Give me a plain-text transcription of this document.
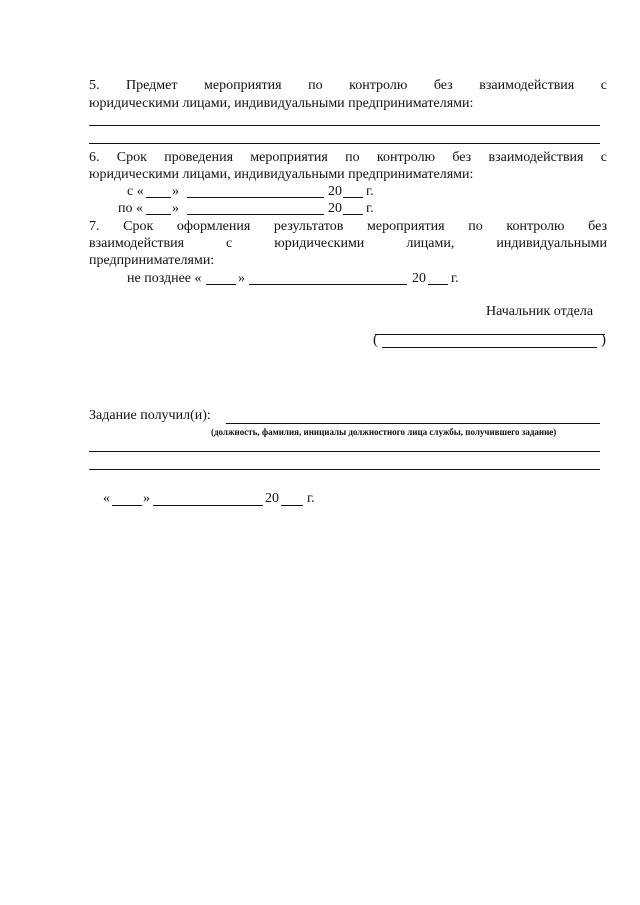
5. Предмет мероприятия по контролю без взаимодействия с
юридическими лицами, индивидуальными предпринимателями:
6. Срок проведения мероприятия по контролю без взаимодействия с
юридическими лицами, индивидуальными предпринимателями:
с « »	20 г.
по « »	20 г.
7. Срок оформления результатов мероприятия по контролю без
взаимодействия с юридическими лицами, индивидуальными
предпринимателями:
не позднее «	»	20 г.
Начальник отдела
(	)
Задание получил(и):
(должность, фамилия, инициалы должностного лица службы, получившего задание)
« »	20 г.
